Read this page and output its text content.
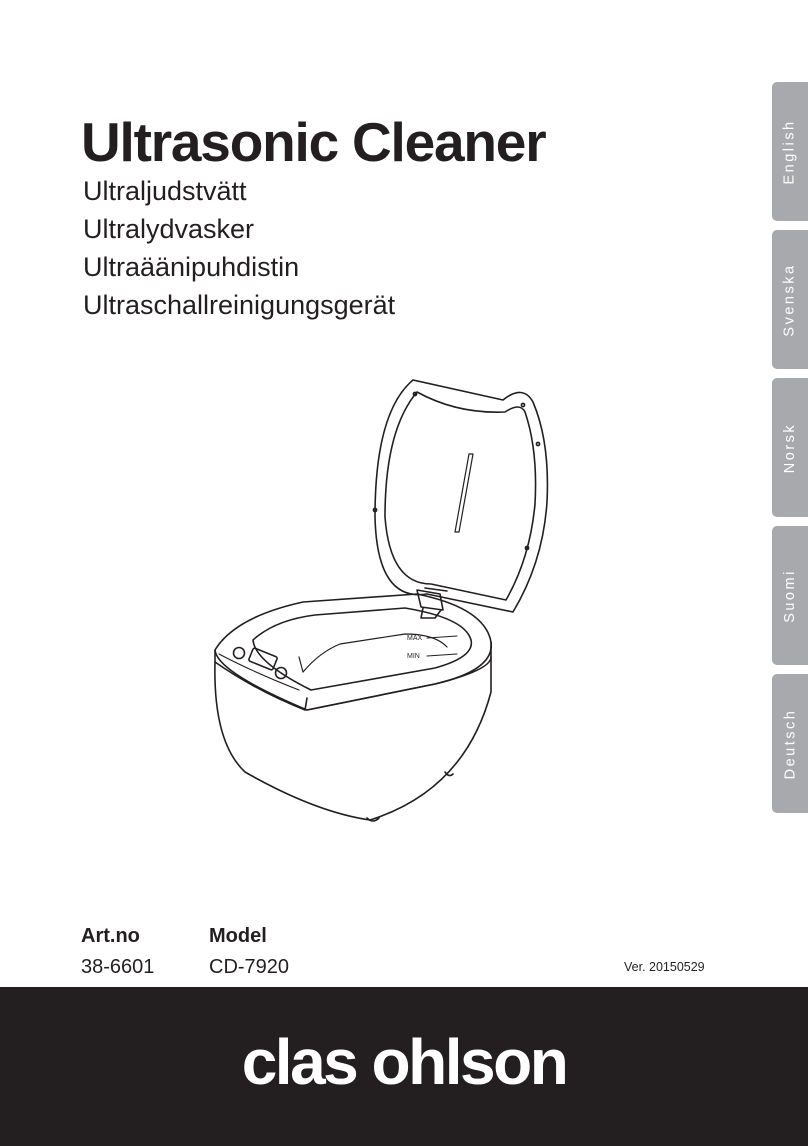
Ultrasonic Cleaner
Ultraljudstvätt
Ultralydvasker
Ultraäänipuhdistin
Ultraschallreinigungsgerät
English
Svenska
Norsk
Suomi
Deutsch
MAX
MIN
Art.no
38-6601
Model
CD-7920	Ver. 20150529
clas ohlson
